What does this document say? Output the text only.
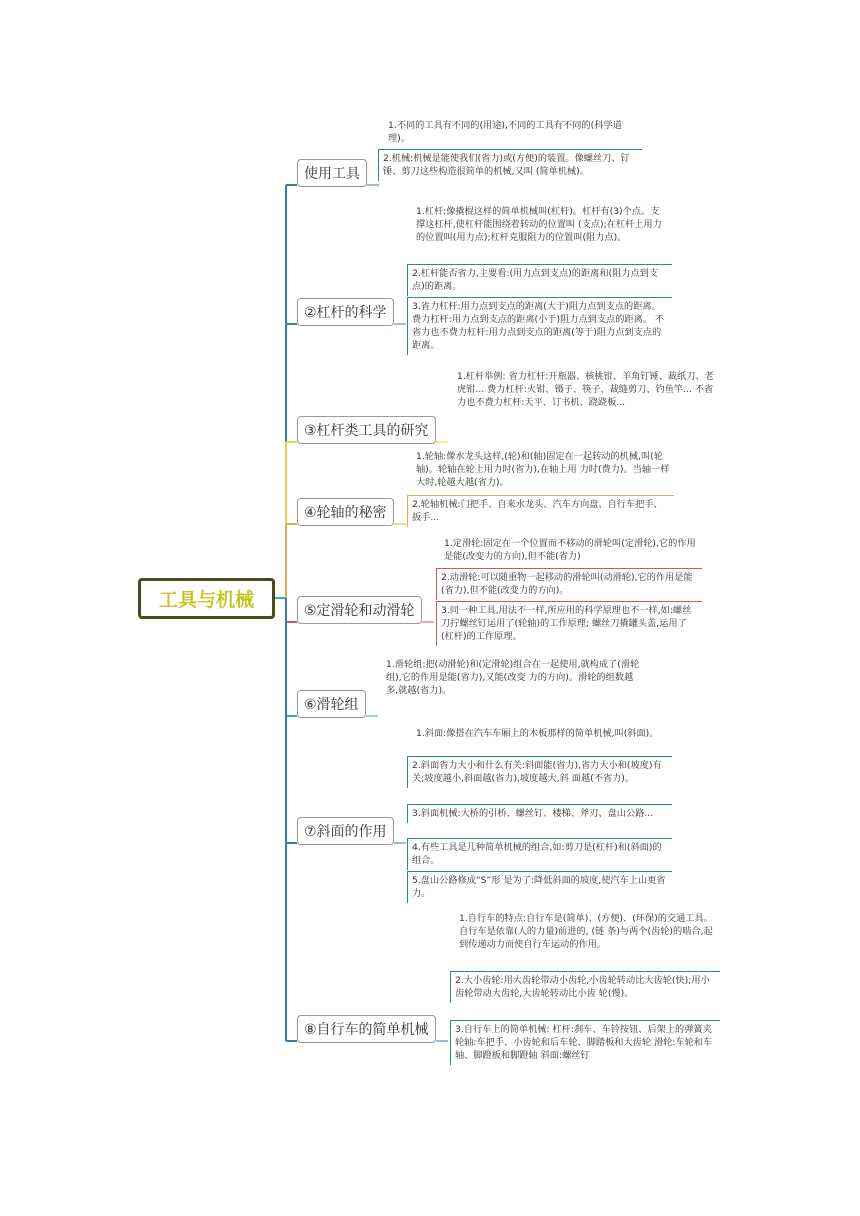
工具与机械
使用工具
1.不同的工具有不同的(用途),不同的工具有不同的(科学道理)。
2.机械:机械是能使我们(省力)或(方便)的装置。像螺丝刀、钉锤、剪刀这些构造很简单的机械,又叫 (简单机械)。
②杠杆的科学
1.杠杆:像撬棍这样的简单机械叫(杠杆)。杠杆有(3)个点。支撑这杠杆,使杠杆能围绕着转动的位置叫 (支点);在杠杆上用力的位置叫(用力点);杠杆克服阻力的位置叫(阻力点)。
2.杠杆能否省力,主要看:(用力点到支点)的距离和(阻力点到支点)的距离。
3.省力杠杆:用力点到支点的距离(大于)阻力点到支点的距离。 费力杠杆:用力点到支点的距离(小于)阻力点到支点的距离。 不省力也不费力杠杆:用力点到支点的距离(等于)阻力点到支点的距离。
③杠杆类工具的研究
1.杠杆举例: 省力杠杆:开瓶器、核桃钳、羊角钉锤、裁纸刀、老虎钳... 费力杠杆:火钳、镊子、筷子、裁缝剪刀、钓鱼竿... 不省力也不费力杠杆:天平、订书机、跷跷板...
④轮轴的秘密
1.轮轴:像水龙头这样,(轮)和(轴)固定在一起转动的机械,叫(轮轴)。轮轴在轮上用力时(省力),在轴上用 力时(费力)。当轴一样大时,轮越大越(省力)。
2.轮轴机械:门把手、自来水龙头、汽车方向盘、自行车把手、扳手...
⑤定滑轮和动滑轮
1.定滑轮:固定在一个位置而不移动的滑轮叫(定滑轮),它的作用是能(改变力的方向),但不能(省力)
2.动滑轮:可以随重物一起移动的滑轮叫(动滑轮),它的作用是能(省力),但不能(改变力的方向)。
3.同一种工具,用法不一样,所应用的科学原理也不一样,如:螺丝刀拧螺丝钉运用了(轮轴)的工作原理; 螺丝刀撬罐头盖,运用了(杠杆)的工作原理。
⑥滑轮组
1.滑轮组:把(动滑轮)和(定滑轮)组合在一起使用,就构成了(滑轮组),它的作用是能(省力),又能(改变 力的方向)。滑轮的组数越多,就越(省力)。
⑦斜面的作用
1.斜面:像搭在汽车车厢上的木板那样的简单机械,叫(斜面)。
2.斜面省力大小和什么有关:斜面能(省力),省力大小和(坡度)有关;坡度越小,斜面越(省力),坡度越大,斜 面越(不省力)。
3.斜面机械:大桥的引桥、螺丝钉、楼梯、斧刃、盘山公路...
4.有些工具是几种简单机械的组合,如:剪刀是(杠杆)和(斜面)的组合。
5.盘山公路修成“S”形 是为了:降低斜面的坡度,使汽车上山更省力。
⑧自行车的简单机械
1.自行车的特点:自行车是(简单)、(方便)、(环保)的交通工具。自行车是依靠(人的力量)前进的, (链 条)与两个(齿轮)的啮合,起到传递动力而使自行车运动的作用。
2.大小齿轮:用大齿轮带动小齿轮,小齿轮转动比大齿轮(快);用小齿轮带动大齿轮,大齿轮转动比小齿 轮(慢)。
3.自行车上的简单机械: 杠杆:刹车、车铃按钮、后架上的弹簧夹 轮轴:车把手、小齿轮和后车轮、脚踏板和大齿轮 滑轮:车轮和车轴、脚蹬板和脚蹬轴 斜面:螺丝钉
